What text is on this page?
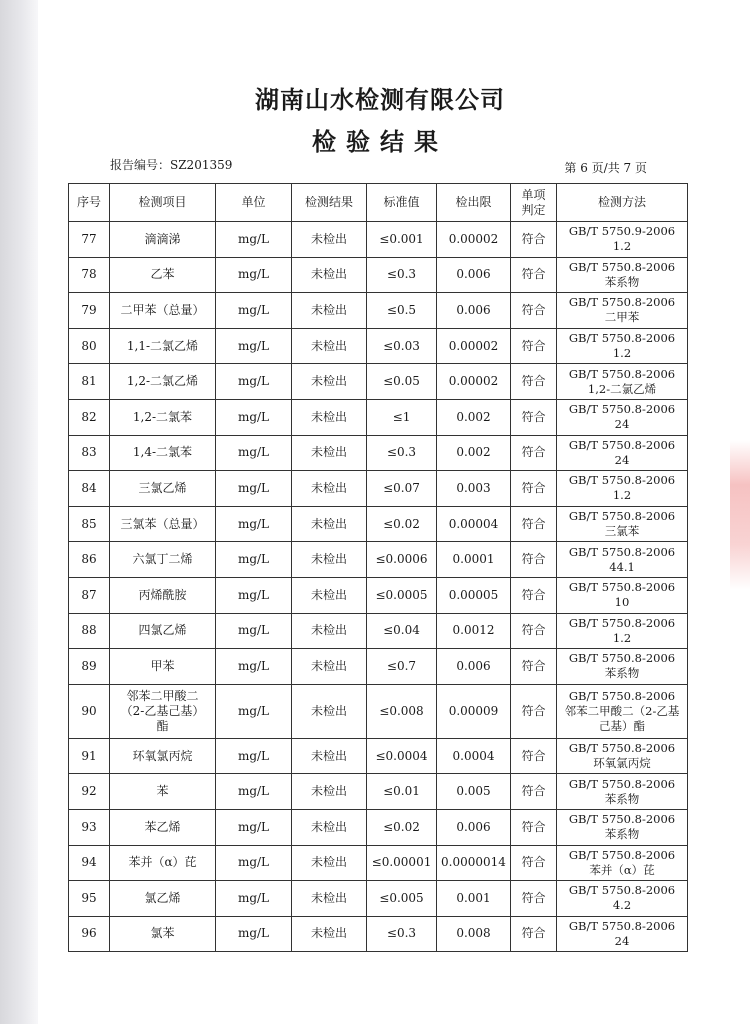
湖南山水检测有限公司
检验结果
报告编号：SZ201359	第 6 页/共 7 页
序号	检测项目	单位	检测结果	标准值	检出限	单项判定	检测方法
77	滴滴涕	mg/L	未检出	≤0.001	0.00002	符合	GB/T 5750.9-2006
1.2

78	乙苯	mg/L	未检出	≤0.3	0.006	符合	GB/T 5750.8-2006
苯系物

79	二甲苯（总量）	mg/L	未检出	≤0.5	0.006	符合	GB/T 5750.8-2006
二甲苯

80	1,1-二氯乙烯	mg/L	未检出	≤0.03	0.00002	符合	GB/T 5750.8-2006
1.2

81	1,2-二氯乙烯	mg/L	未检出	≤0.05	0.00002	符合	GB/T 5750.8-2006
1,2-二氯乙烯

82	1,2-二氯苯	mg/L	未检出	≤1	0.002	符合	GB/T 5750.8-2006
24

83	1,4-二氯苯	mg/L	未检出	≤0.3	0.002	符合	GB/T 5750.8-2006
24

84	三氯乙烯	mg/L	未检出	≤0.07	0.003	符合	GB/T 5750.8-2006
1.2

85	三氯苯（总量）	mg/L	未检出	≤0.02	0.00004	符合	GB/T 5750.8-2006
三氯苯

86	六氯丁二烯	mg/L	未检出	≤0.0006	0.0001	符合	GB/T 5750.8-2006
44.1

87	丙烯酰胺	mg/L	未检出	≤0.0005	0.00005	符合	GB/T 5750.8-2006
10

88	四氯乙烯	mg/L	未检出	≤0.04	0.0012	符合	GB/T 5750.8-2006
1.2

89	甲苯	mg/L	未检出	≤0.7	0.006	符合	GB/T 5750.8-2006
苯系物

90	邻苯二甲酸二（2-乙基己基）酯	mg/L	未检出	≤0.008	0.00009	符合	GB/T 5750.8-2006
邻苯二甲酸二（2-乙基己基）酯

91	环氧氯丙烷	mg/L	未检出	≤0.0004	0.0004	符合	GB/T 5750.8-2006
环氧氯丙烷

92	苯	mg/L	未检出	≤0.01	0.005	符合	GB/T 5750.8-2006
苯系物

93	苯乙烯	mg/L	未检出	≤0.02	0.006	符合	GB/T 5750.8-2006
苯系物

94	苯并（α）芘	mg/L	未检出	≤0.00001	0.0000014	符合	GB/T 5750.8-2006
苯并（α）芘

95	氯乙烯	mg/L	未检出	≤0.005	0.001	符合	GB/T 5750.8-2006
4.2

96	氯苯	mg/L	未检出	≤0.3	0.008	符合	GB/T 5750.8-2006
24
